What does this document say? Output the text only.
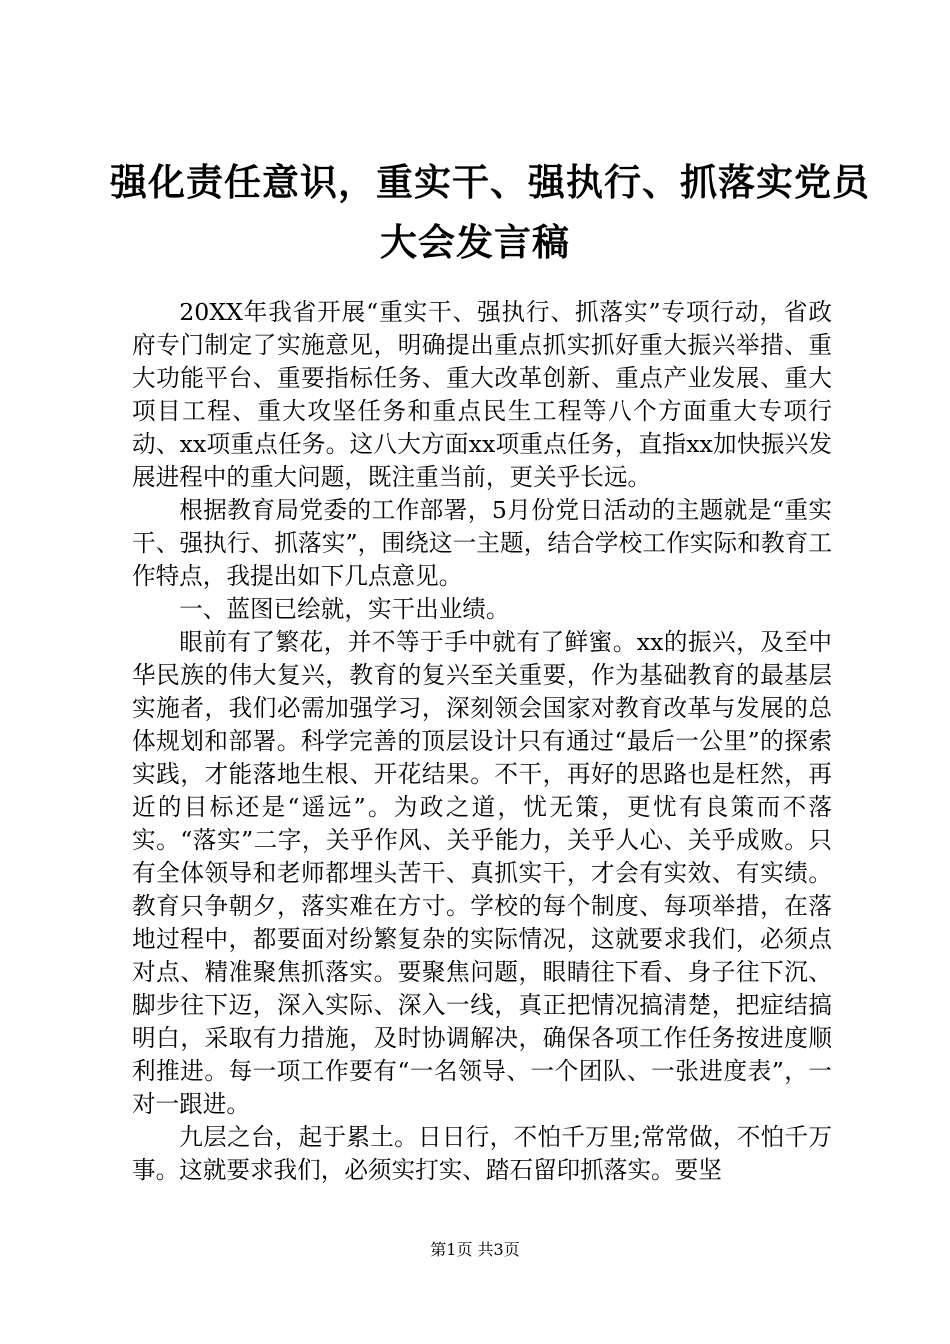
强化责任意识，重实干、强执行、抓落实党员
大会发言稿

20XX年我省开展“重实干、强执行、抓落实”专项行动，省政府专门制定了实施意见，明确提出重点抓实抓好重大振兴举措、重大功能平台、重要指标任务、重大改革创新、重点产业发展、重大项目工程、重大攻坚任务和重点民生工程等八个方面重大专项行动、xx项重点任务。这八大方面xx项重点任务，直指xx加快振兴发展进程中的重大问题，既注重当前，更关乎长远。

根据教育局党委的工作部署，5月份党日活动的主题就是“重实干、强执行、抓落实”，围绕这一主题，结合学校工作实际和教育工作特点，我提出如下几点意见。

一、蓝图已绘就，实干出业绩。

眼前有了繁花，并不等于手中就有了鲜蜜。xx的振兴，及至中华民族的伟大复兴，教育的复兴至关重要，作为基础教育的最基层实施者，我们必需加强学习，深刻领会国家对教育改革与发展的总体规划和部署。科学完善的顶层设计只有通过“最后一公里”的探索实践，才能落地生根、开花结果。不干，再好的思路也是枉然，再近的目标还是“遥远”。为政之道，忧无策，更忧有良策而不落实。“落实”二字，关乎作风、关乎能力，关乎人心、关乎成败。只有全体领导和老师都埋头苦干、真抓实干，才会有实效、有实绩。教育只争朝夕，落实难在方寸。学校的每个制度、每项举措，在落地过程中，都要面对纷繁复杂的实际情况，这就要求我们，必须点对点、精准聚焦抓落实。要聚焦问题，眼睛往下看、身子往下沉、脚步往下迈，深入实际、深入一线，真正把情况搞清楚，把症结搞明白，采取有力措施，及时协调解决，确保各项工作任务按进度顺利推进。每一项工作要有“一名领导、一个团队、一张进度表”，一对一跟进。

九层之台，起于累土。日日行，不怕千万里;常常做，不怕千万事。这就要求我们，必须实打实、踏石留印抓落实。要坚

第1页 共3页
